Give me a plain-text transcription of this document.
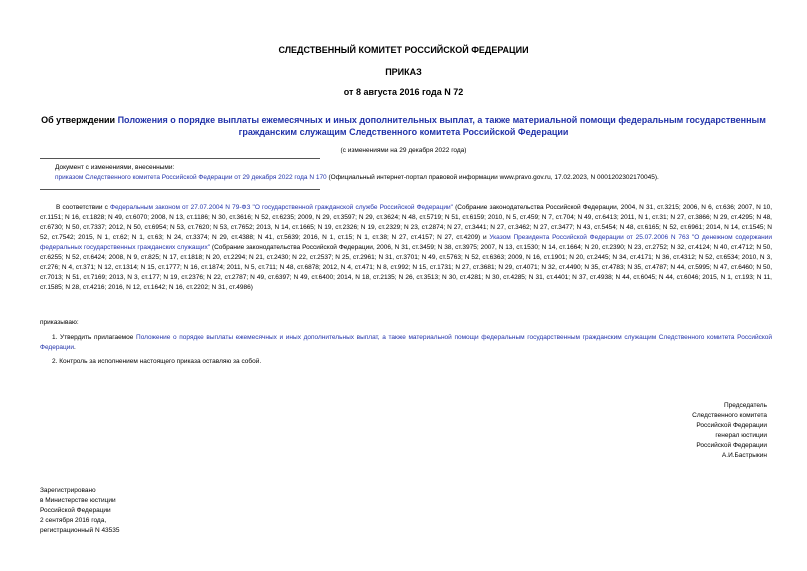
СЛЕДСТВЕННЫЙ КОМИТЕТ РОССИЙСКОЙ ФЕДЕРАЦИИ
ПРИКАЗ
от 8 августа 2016 года N 72
Об утверждении Положения о порядке выплаты ежемесячных и иных дополнительных выплат, а также материальной помощи федеральным государственным гражданским служащим Следственного комитета Российской Федерации
(с изменениями на 29 декабря 2022 года)
Документ с изменениями, внесенными:
приказом Следственного комитета Российской Федерации от 29 декабря 2022 года N 170 (Официальный интернет-портал правовой информации www.pravo.gov.ru, 17.02.2023, N 0001202302170045).
В соответствии с Федеральным законом от 27.07.2004 N 79-ФЗ "О государственной гражданской службе Российской Федерации" (Собрание законодательства Российской Федерации, 2004, N 31, ст.3215; 2006, N 6, ст.636; 2007, N 10, ст.1151; N 16, ст.1828; N 49, ст.6070; 2008, N 13, ст.1186; N 30, ст.3616; N 52, ст.6235; 2009, N 29, ст.3597; N 29, ст.3624; N 48, ст.5719; N 51, ст.6159; 2010, N 5, ст.459; N 7, ст.704; N 49, ст.6413; 2011, N 1, ст.31; N 27, ст.3866; N 29, ст.4295; N 48, ст.6730; N 50, ст.7337; 2012, N 50, ст.6954; N 53, ст.7620; N 53, ст.7652; 2013, N 14, ст.1665; N 19, ст.2326; N 19, ст.2329; N 23, ст.2874; N 27, ст.3441; N 27, ст.3462; N 27, ст.3477; N 43, ст.5454; N 48, ст.6165; N 52, ст.6961; 2014, N 14, ст.1545; N 52, ст.7542; 2015, N 1, ст.62; N 1, ст.63; N 24, ст.3374; N 29, ст.4388; N 41, ст.5639; 2016, N 1, ст.15; N 1, ст.38; N 27, ст.4157; N 27, ст.4209) и Указом Президента Российской Федерации от 25.07.2006 N 763 "О денежном содержании федеральных государственных гражданских служащих" (Собрание законодательства Российской Федерации, 2006, N 31, ст.3459; N 38, ст.3975; 2007, N 13, ст.1530; N 14, ст.1664; N 20, ст.2390; N 23, ст.2752; N 32, ст.4124; N 40, ст.4712; N 50, ст.6255; N 52, ст.6424; 2008, N 9, ст.825; N 17, ст.1818; N 20, ст.2294; N 21, ст.2430; N 22, ст.2537; N 25, ст.2961; N 31, ст.3701; N 49, ст.5763; N 52, ст.6363; 2009, N 16, ст.1901; N 20, ст.2445; N 34, ст.4171; N 36, ст.4312; N 52, ст.6534; 2010, N 3, ст.276; N 4, ст.371; N 12, ст.1314; N 15, ст.1777; N 16, ст.1874; 2011, N 5, ст.711; N 48, ст.6878; 2012, N 4, ст.471; N 8, ст.992; N 15, ст.1731; N 27, ст.3681; N 29, ст.4071; N 32, ст.4490; N 35, ст.4783; N 35, ст.4787; N 44, ст.5995; N 47, ст.6460; N 50, ст.7013; N 51, ст.7169; 2013, N 3, ст.177; N 19, ст.2376; N 22, ст.2787; N 49, ст.6397; N 49, ст.6400; 2014, N 18, ст.2135; N 26, ст.3513; N 30, ст.4281; N 30, ст.4285; N 31, ст.4401; N 37, ст.4938; N 44, ст.6045; N 44, ст.6046; 2015, N 1, ст.193; N 11, ст.1585; N 28, ст.4216; 2016, N 12, ст.1642; N 16, ст.2202; N 31, ст.4986)
приказываю:
1. Утвердить прилагаемое Положение о порядке выплаты ежемесячных и иных дополнительных выплат, а также материальной помощи федеральным государственным гражданским служащим Следственного комитета Российской Федерации.
2. Контроль за исполнением настоящего приказа оставляю за собой.
Председатель
Следственного комитета
Российской Федерации
генерал юстиции
Российской Федерации
А.И.Бастрыкин
Зарегистрировано
в Министерстве юстиции
Российской Федерации
2 сентября 2016 года,
регистрационный N 43535
